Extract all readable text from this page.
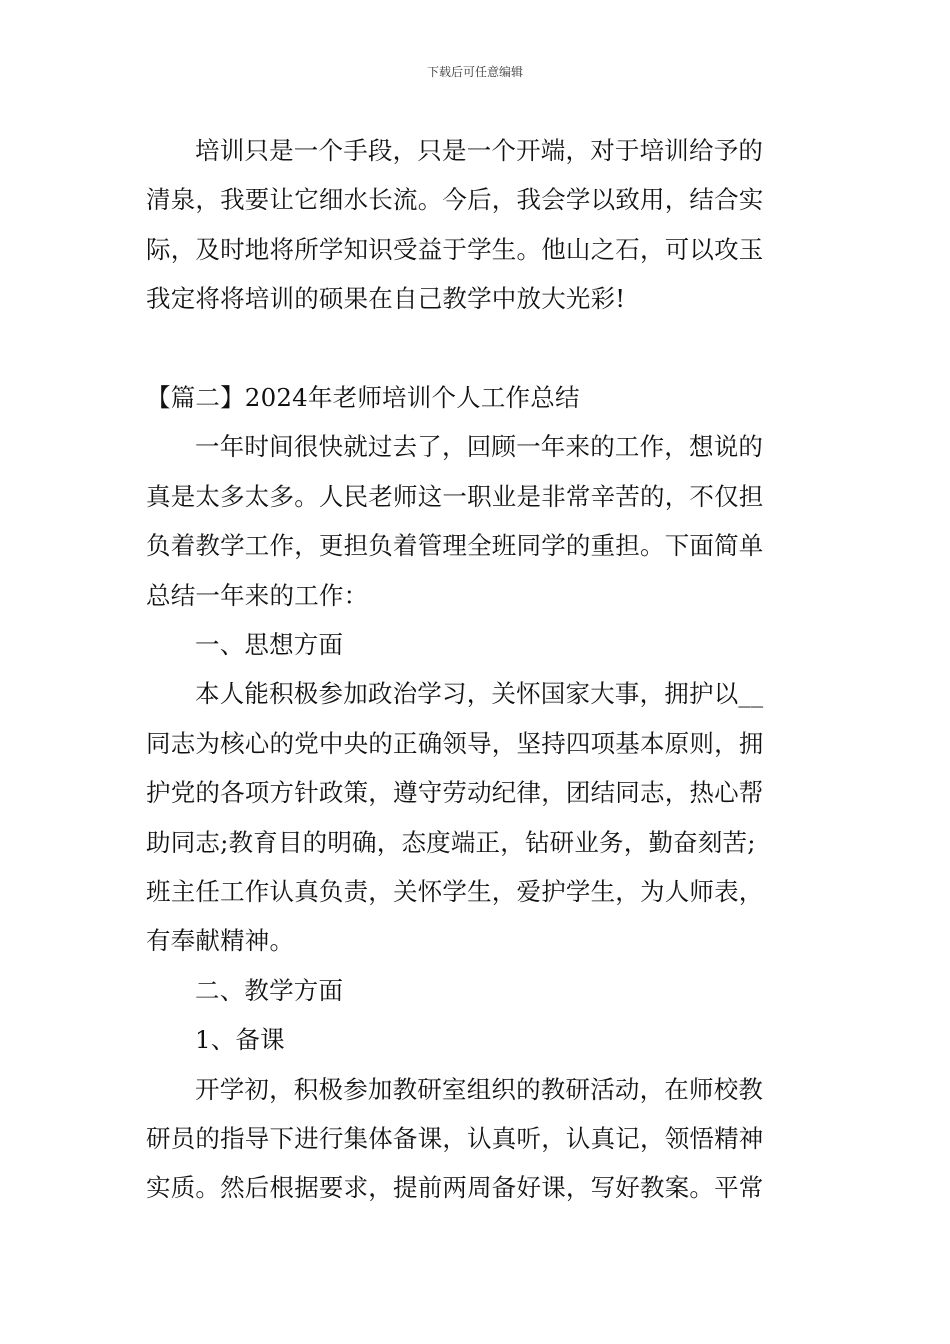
下载后可任意编辑

培训只是一个手段，只是一个开端，对于培训给予的

清泉，我要让它细水长流。今后，我会学以致用，结合实

际，及时地将所学知识受益于学生。他山之石，可以攻玉

我定将将培训的硕果在自己教学中放大光彩!

【篇二】2024年老师培训个人工作总结

一年时间很快就过去了，回顾一年来的工作，想说的

真是太多太多。人民老师这一职业是非常辛苦的，不仅担

负着教学工作，更担负着管理全班同学的重担。下面简单

总结一年来的工作：

一、思想方面

本人能积极参加政治学习，关怀国家大事，拥护以__

同志为核心的党中央的正确领导，坚持四项基本原则，拥

护党的各项方针政策，遵守劳动纪律，团结同志，热心帮

助同志;教育目的明确，态度端正，钻研业务，勤奋刻苦;

班主任工作认真负责，关怀学生，爱护学生，为人师表，

有奉献精神。

二、教学方面

1、备课

开学初，积极参加教研室组织的教研活动，在师校教

研员的指导下进行集体备课，认真听，认真记，领悟精神

实质。然后根据要求，提前两周备好课，写好教案。平常
